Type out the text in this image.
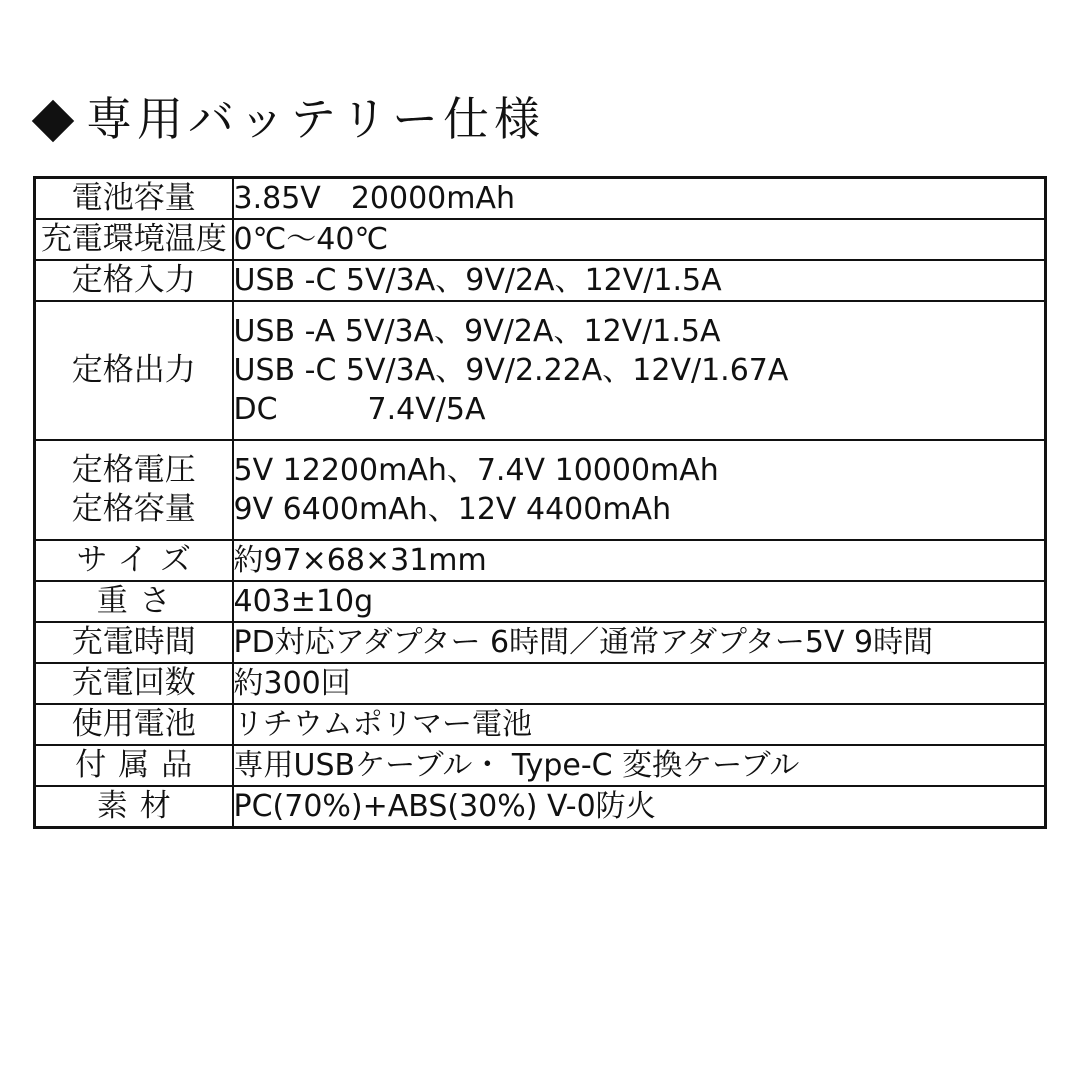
専用バッテリー仕様
電池容量	3.85V　20000mAh

充電環境温度	0℃〜40℃

定格入力	USB -C 5V/3A、9V/2A、12V/1.5A

定格出力	USB -A 5V/3A、9V/2A、12V/1.5A
USB -C 5V/3A、9V/2.22A、12V/1.67A
DC　　　7.4V/5A

定格電圧
定格容量	5V 12200mAh、7.4V 10000mAh
9V 6400mAh、12V 4400mAh

サイズ	約97×68×31mm

重さ	403±10g

充電時間	PD対応アダプター 6時間／通常アダプター5V 9時間

充電回数	約300回

使用電池	リチウムポリマー電池

付属品	専用USBケーブル・ Type-C 変換ケーブル

素材	PC(70%)+ABS(30%) V-0防火
